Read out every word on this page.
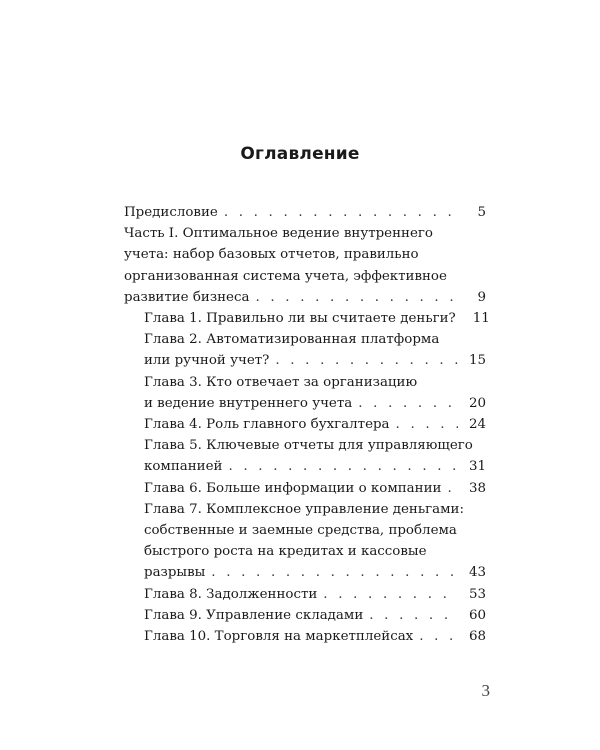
Оглавление
Предисловие . . .	5
Часть I. Оптимальное ведение внутреннего
учета: набор базовых отчетов, правильно
организованная система учета, эффективное
развитие бизнеса . . .	9
Глава 1. Правильно ли вы считаете деньги?	11
Глава 2. Автоматизированная платформа
или ручной учет? . . .	15
Глава 3. Кто отвечает за организацию
и ведение внутреннего учета . . .	20
Глава 4. Роль главного бухгалтера . . .	24
Глава 5. Ключевые отчеты для управляющего
компанией . . .	31
Глава 6. Больше информации о компании . . .	38
Глава 7. Комплексное управление деньгами:
собственные и заемные средства, проблема
быстрого роста на кредитах и кассовые
разрывы . . .	43
Глава 8. Задолженности . . .	53
Глава 9. Управление складами . . .	60
Глава 10. Торговля на маркетплейсах . . .	68
3
